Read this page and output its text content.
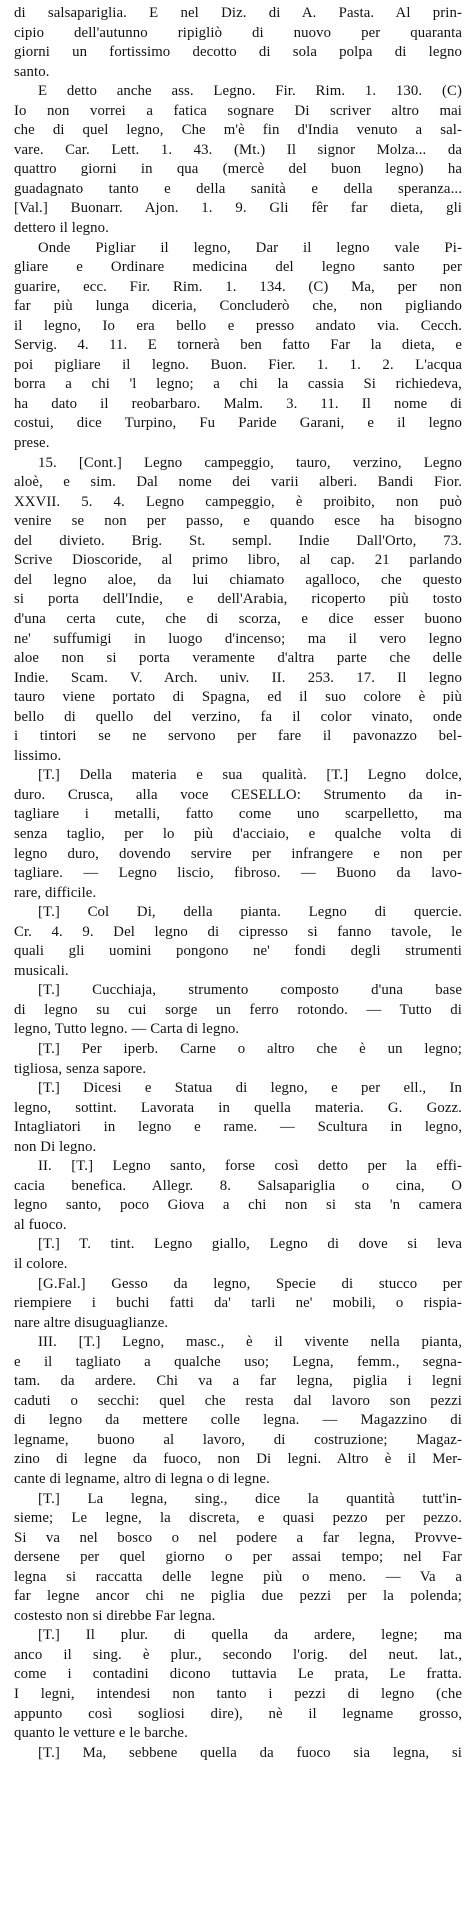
di salsapariglia. E nel Diz. di A. Pasta. Al prin-
cipio dell'autunno ripigliò di nuovo per quaranta
giorni un fortissimo decotto di sola polpa di legno
santo.
E detto anche ass. Legno. Fir. Rim. 1. 130. (C)
Io non vorrei a fatica sognare Di scriver altro mai
che di quel legno, Che m'è fin d'India venuto a sal-
vare. Car. Lett. 1. 43. (Mt.) Il signor Molza... da
quattro giorni in qua (mercè del buon legno) ha
guadagnato tanto e della sanità e della speranza...
[Val.] Buonarr. Ajon. 1. 9. Gli fêr far dieta, gli
dettero il legno.
Onde Pigliar il legno, Dar il legno vale Pi-
gliare e Ordinare medicina del legno santo per
guarire, ecc. Fir. Rim. 1. 134. (C) Ma, per non
far più lunga diceria, Concluderò che, non pigliando
il legno, Io era bello e presso andato via. Cecch.
Servig. 4. 11. E tornerà ben fatto Far la dieta, e
poi pigliare il legno. Buon. Fier. 1. 1. 2. L'acqua
borra a chi 'l legno; a chi la cassia Si richiedeva,
ha dato il reobarbaro. Malm. 3. 11. Il nome di
costui, dice Turpino, Fu Paride Garani, e il legno
prese.
15. [Cont.] Legno campeggio, tauro, verzino, Legno
aloè, e sim. Dal nome dei varii alberi. Bandi Fior.
XXVII. 5. 4. Legno campeggio, è proibito, non può
venire se non per passo, e quando esce ha bisogno
del divieto. Brig. St. sempl. Indie Dall'Orto, 73.
Scrive Dioscoride, al primo libro, al cap. 21 parlando
del legno aloe, da lui chiamato agalloco, che questo
si porta dell'Indie, e dell'Arabia, ricoperto più tosto
d'una certa cute, che di scorza, e dice esser buono
ne' suffumigi in luogo d'incenso; ma il vero legno
aloe non si porta veramente d'altra parte che delle
Indie. Scam. V. Arch. univ. II. 253. 17. Il legno
tauro viene portato di Spagna, ed il suo colore è più
bello di quello del verzino, fa il color vinato, onde
i tintori se ne servono per fare il pavonazzo bel-
lissimo.
[T.] Della materia e sua qualità. [T.] Legno dolce,
duro. Crusca, alla voce CESELLO: Strumento da in-
tagliare i metalli, fatto come uno scarpelletto, ma
senza taglio, per lo più d'acciaio, e qualche volta di
legno duro, dovendo servire per infrangere e non per
tagliare. — Legno liscio, fibroso. — Buono da lavo-
rare, difficile.
[T.] Col Di, della pianta. Legno di quercie.
Cr. 4. 9. Del legno di cipresso si fanno tavole, le
quali gli uomini pongono ne' fondi degli strumenti
musicali.
[T.] Cucchiaja, strumento composto d'una base
di legno su cui sorge un ferro rotondo. — Tutto di
legno, Tutto legno. — Carta di legno.
[T.] Per iperb. Carne o altro che è un legno;
tigliosa, senza sapore.
[T.] Dicesi e Statua di legno, e per ell., In
legno, sottint. Lavorata in quella materia. G. Gozz.
Intagliatori in legno e rame. — Scultura in legno,
non Di legno.
II. [T.] Legno santo, forse così detto per la effi-
cacia benefica. Allegr. 8. Salsapariglia o cina, O
legno santo, poco Giova a chi non si sta 'n camera
al fuoco.
[T.] T. tint. Legno giallo, Legno di dove si leva
il colore.
[G.Fal.] Gesso da legno, Specie di stucco per
riempiere i buchi fatti da' tarli ne' mobili, o rispia-
nare altre disuguaglianze.
III. [T.] Legno, masc., è il vivente nella pianta,
e il tagliato a qualche uso; Legna, femm., segna-
tam. da ardere. Chi va a far legna, piglia i legni
caduti o secchi: quel che resta dal lavoro son pezzi
di legno da mettere colle legna. — Magazzino di
legname, buono al lavoro, di costruzione; Magaz-
zino di legne da fuoco, non Di legni. Altro è il Mer-
cante di legname, altro di legna o di legne.
[T.] La legna, sing., dice la quantità tutt'in-
sieme; Le legne, la discreta, e quasi pezzo per pezzo.
Si va nel bosco o nel podere a far legna, Provve-
dersene per quel giorno o per assai tempo; nel Far
legna si raccatta delle legne più o meno. — Va a
far legne ancor chi ne piglia due pezzi per la polenda;
costesto non si direbbe Far legna.
[T.] Il plur. di quella da ardere, legne; ma
anco il sing. è plur., secondo l'orig. del neut. lat.,
come i contadini dicono tuttavia Le prata, Le fratta.
I legni, intendesi non tanto i pezzi di legno (che
appunto così sogliosi dire), nè il legname grosso,
quanto le vetture e le barche.
[T.] Ma, sebbene quella da fuoco sia legna, si
